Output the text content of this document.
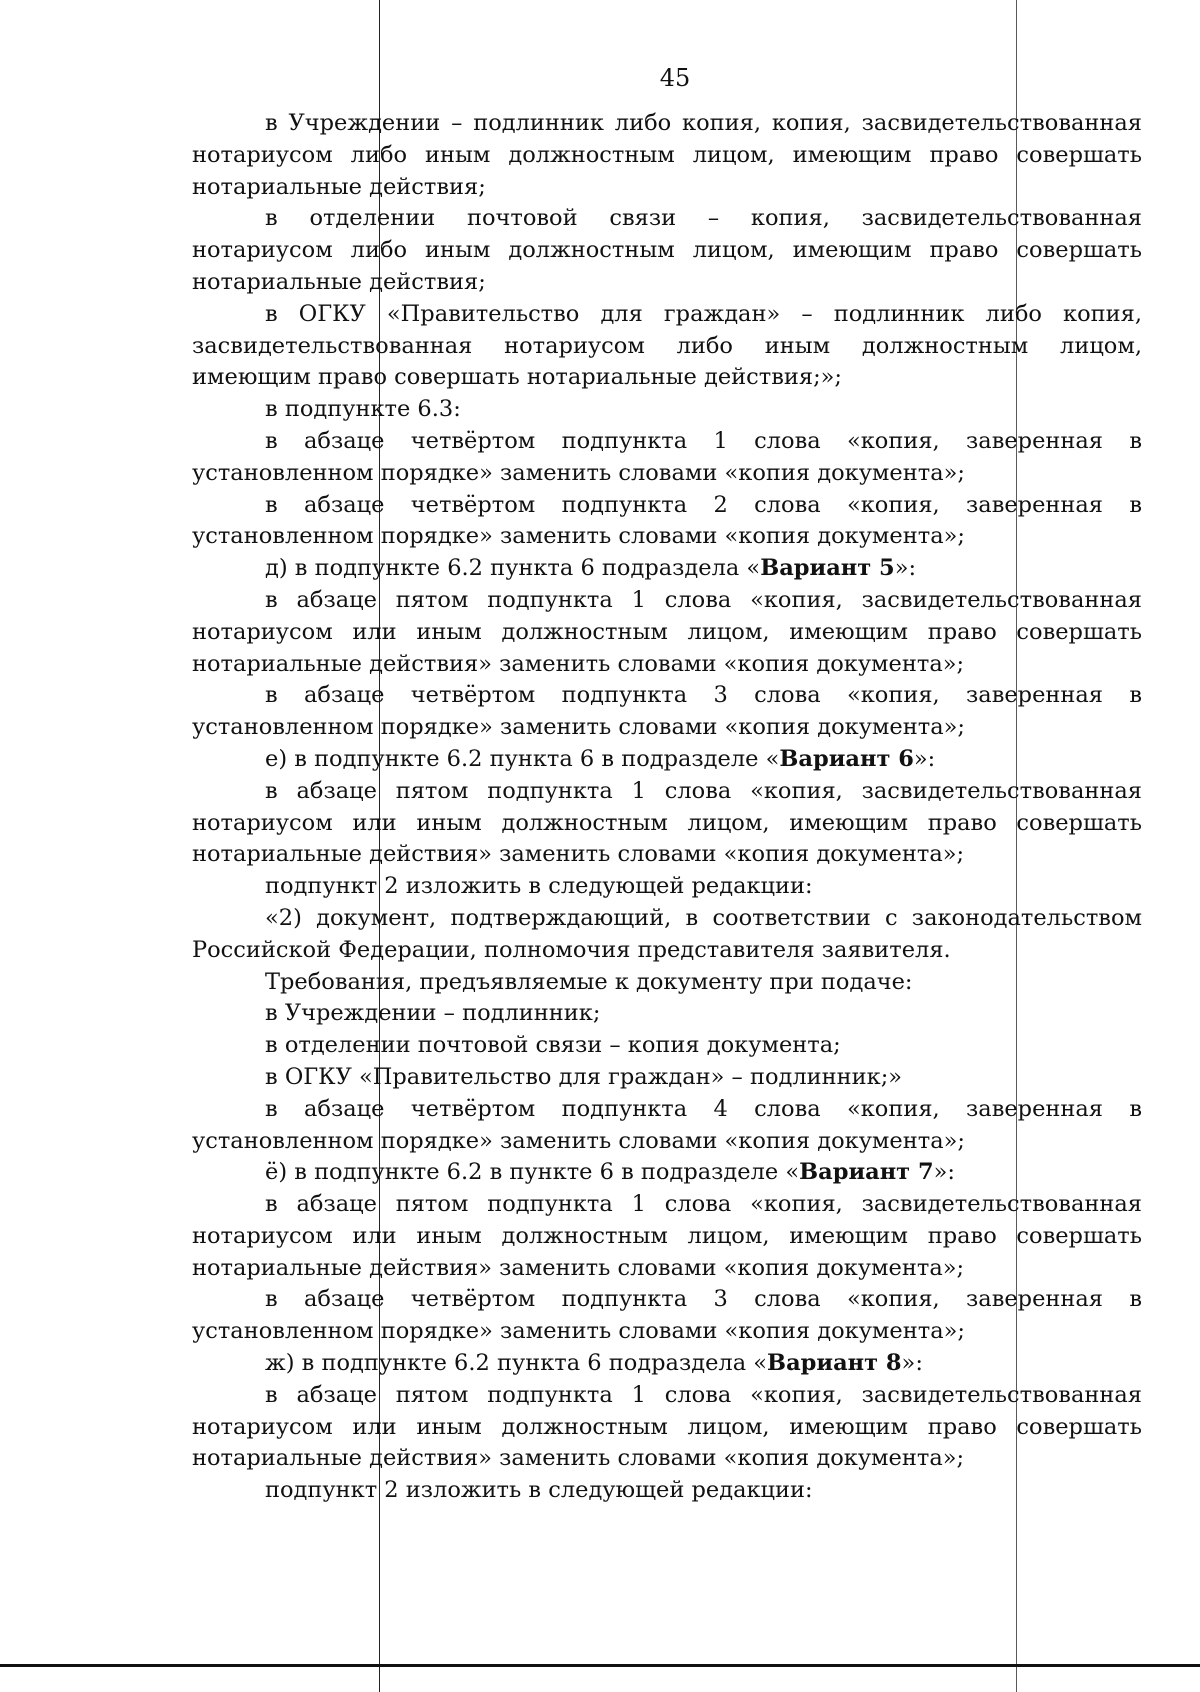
45

в Учреждении – подлинник либо копия, копия, засвидетельствованная нотариусом либо иным должностным лицом, имеющим право совершать нотариальные действия;

в отделении почтовой связи – копия, засвидетельствованная нотариусом либо иным должностным лицом, имеющим право совершать нотариальные действия;

в ОГКУ «Правительство для граждан» – подлинник либо копия, засвидетельствованная нотариусом либо иным должностным лицом, имеющим право совершать нотариальные действия;»;

в подпункте 6.3:

в абзаце четвёртом подпункта 1 слова «копия, заверенная в установленном порядке» заменить словами «копия документа»;

в абзаце четвёртом подпункта 2 слова «копия, заверенная в установленном порядке» заменить словами «копия документа»;

д) в подпункте 6.2 пункта 6 подраздела «Вариант 5»:

в абзаце пятом подпункта 1 слова «копия, засвидетельствованная нотариусом или иным должностным лицом, имеющим право совершать нотариальные действия» заменить словами «копия документа»;

в абзаце четвёртом подпункта 3 слова «копия, заверенная в установленном порядке» заменить словами «копия документа»;

е) в подпункте 6.2 пункта 6 в подразделе «Вариант 6»:

в абзаце пятом подпункта 1 слова «копия, засвидетельствованная нотариусом или иным должностным лицом, имеющим право совершать нотариальные действия» заменить словами «копия документа»;

подпункт 2 изложить в следующей редакции:

«2) документ, подтверждающий, в соответствии с законодательством Российской Федерации, полномочия представителя заявителя.

Требования, предъявляемые к документу при подаче:

в Учреждении – подлинник;

в отделении почтовой связи – копия документа;

в ОГКУ «Правительство для граждан» – подлинник;»

в абзаце четвёртом подпункта 4 слова «копия, заверенная в установленном порядке» заменить словами «копия документа»;

ё) в подпункте 6.2 в пункте 6 в подразделе «Вариант 7»:

в абзаце пятом подпункта 1 слова «копия, засвидетельствованная нотариусом или иным должностным лицом, имеющим право совершать нотариальные действия» заменить словами «копия документа»;

в абзаце четвёртом подпункта 3 слова «копия, заверенная в установленном порядке» заменить словами «копия документа»;

ж) в подпункте 6.2 пункта 6 подраздела «Вариант 8»:

в абзаце пятом подпункта 1 слова «копия, засвидетельствованная нотариусом или иным должностным лицом, имеющим право совершать нотариальные действия» заменить словами «копия документа»;

подпункт 2 изложить в следующей редакции:
